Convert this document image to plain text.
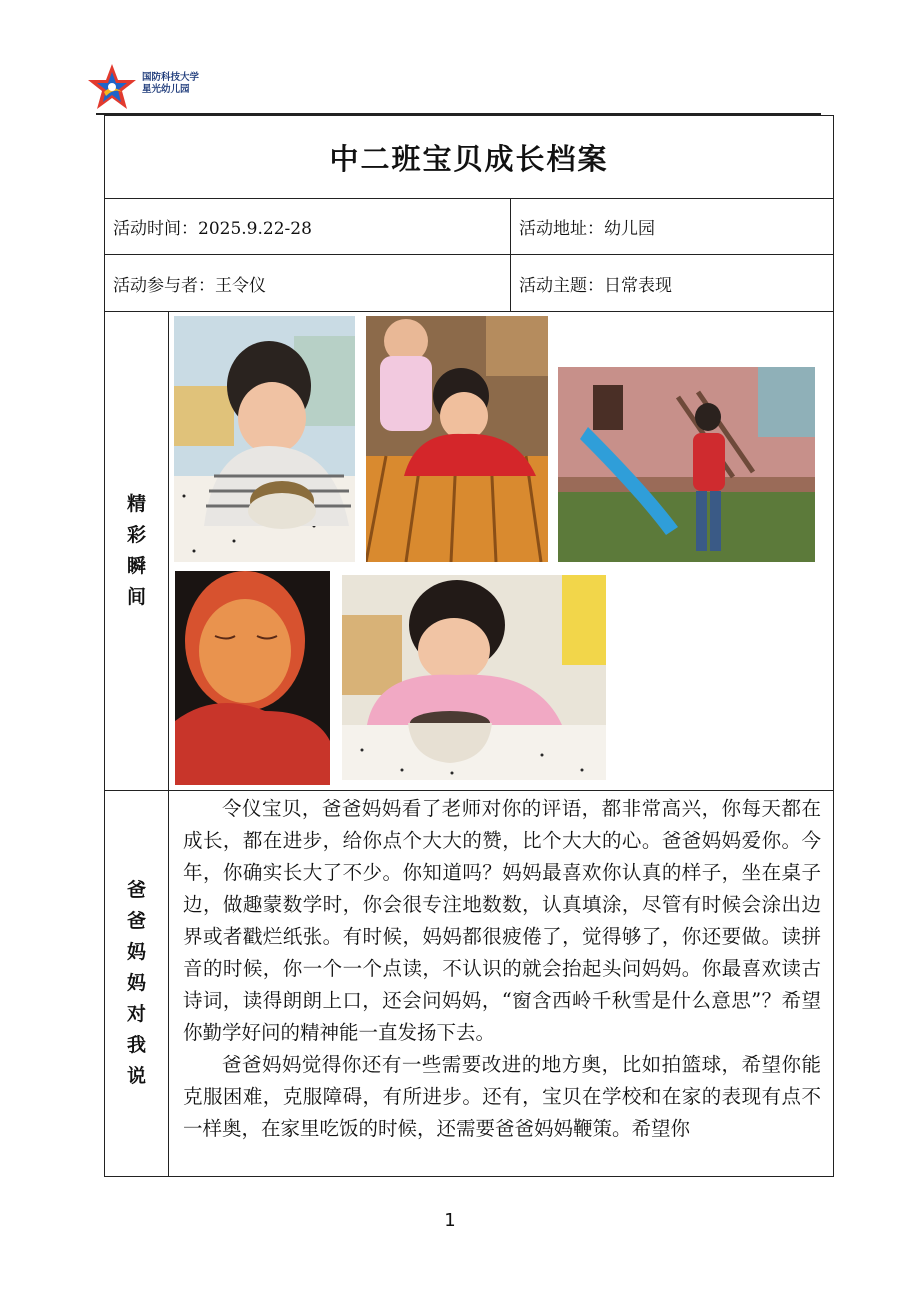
国防科技大学
星光幼儿园
中二班宝贝成长档案
活动时间：2025.9.22-28	活动地址：幼儿园
活动参与者：王令仪	活动主题：日常表现
精
彩
瞬
间
爸
爸
妈
妈
对
我
说

令仪宝贝，爸爸妈妈看了老师对你的评语，都非常高兴，你每天都在成长，都在进步，给你点个大大的赞，比个大大的心。爸爸妈妈爱你。今年，你确实长大了不少。你知道吗？妈妈最喜欢你认真的样子，坐在桌子边，做趣蒙数学时，你会很专注地数数，认真填涂，尽管有时候会涂出边界或者戳烂纸张。有时候，妈妈都很疲倦了，觉得够了，你还要做。读拼音的时候，你一个一个点读，不认识的就会抬起头问妈妈。你最喜欢读古诗词，读得朗朗上口，还会问妈妈，“窗含西岭千秋雪是什么意思”？希望你勤学好问的精神能一直发扬下去。

爸爸妈妈觉得你还有一些需要改进的地方奥，比如拍篮球，希望你能克服困难，克服障碍，有所进步。还有，宝贝在学校和在家的表现有点不一样奥，在家里吃饭的时候，还需要爸爸妈妈鞭策。希望你

1
